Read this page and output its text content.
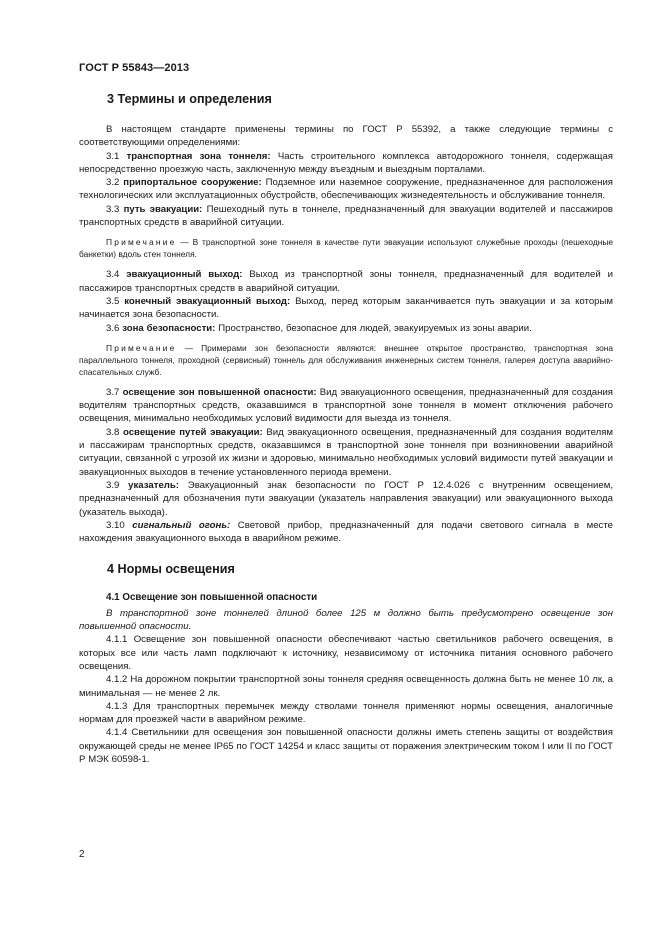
ГОСТ Р 55843—2013
3 Термины и определения

В настоящем стандарте применены термины по ГОСТ Р 55392, а также следующие термины с соответствующими определениями:

3.1 транспортная зона тоннеля: Часть строительного комплекса автодорожного тоннеля, содержащая непосредственно проезжую часть, заключенную между въездным и выездным порталами.

3.2 припортальное сооружение: Подземное или наземное сооружение, предназначенное для расположения технологических или эксплуатационных обустройств, обеспечивающих жизнедеятельность и обслуживание тоннеля.

3.3 путь эвакуации: Пешеходный путь в тоннеле, предназначенный для эвакуации водителей и пассажиров транспортных средств в аварийной ситуации.

Примечание — В транспортной зоне тоннеля в качестве пути эвакуации используют служебные проходы (пешеходные банкетки) вдоль стен тоннеля.

3.4 эвакуационный выход: Выход из транспортной зоны тоннеля, предназначенный для водителей и пассажиров транспортных средств в аварийной ситуации.

3.5 конечный эвакуационный выход: Выход, перед которым заканчивается путь эвакуации и за которым начинается зона безопасности.

3.6 зона безопасности: Пространство, безопасное для людей, эвакуируемых из зоны аварии.

Примечание — Примерами зон безопасности являются: внешнее открытое пространство, транспортная зона параллельного тоннеля, проходной (сервисный) тоннель для обслуживания инженерных систем тоннеля, галерея доступа аварийно-спасательных служб.

3.7 освещение зон повышенной опасности: Вид эвакуационного освещения, предназначенный для создания водителям транспортных средств, оказавшимся в транспортной зоне тоннеля в момент отключения рабочего освещения, минимально необходимых условий видимости для выезда из тоннеля.

3.8 освещение путей эвакуации: Вид эвакуационного освещения, предназначенный для создания водителям и пассажирам транспортных средств, оказавшимся в транспортной зоне тоннеля при возникновении аварийной ситуации, связанной с угрозой их жизни и здоровью, минимально необходимых условий видимости путей эвакуации и эвакуационных выходов в течение установленного периода времени.

3.9 указатель: Эвакуационный знак безопасности по ГОСТ Р 12.4.026 с внутренним освещением, предназначенный для обозначения пути эвакуации (указатель направления эвакуации) или эвакуационного выхода (указатель выхода).

3.10 сигнальный огонь: Световой прибор, предназначенный для подачи светового сигнала в месте нахождения эвакуационного выхода в аварийном режиме.

4 Нормы освещения

4.1 Освещение зон повышенной опасности

В транспортной зоне тоннелей длиной более 125 м должно быть предусмотрено освещение зон повышенной опасности.

4.1.1 Освещение зон повышенной опасности обеспечивают частью светильников рабочего освещения, в которых все или часть ламп подключают к источнику, независимому от источника питания основного рабочего освещения.

4.1.2 На дорожном покрытии транспортной зоны тоннеля средняя освещенность должна быть не менее 10 лк, а минимальная — не менее 2 лк.

4.1.3 Для транспортных перемычек между стволами тоннеля применяют нормы освещения, аналогичные нормам для проезжей части в аварийном режиме.

4.1.4 Светильники для освещения зон повышенной опасности должны иметь степень защиты от воздействия окружающей среды не менее IP65 по ГОСТ 14254 и класс защиты от поражения электрическим током I или II по ГОСТ Р МЭК 60598-1.

2
